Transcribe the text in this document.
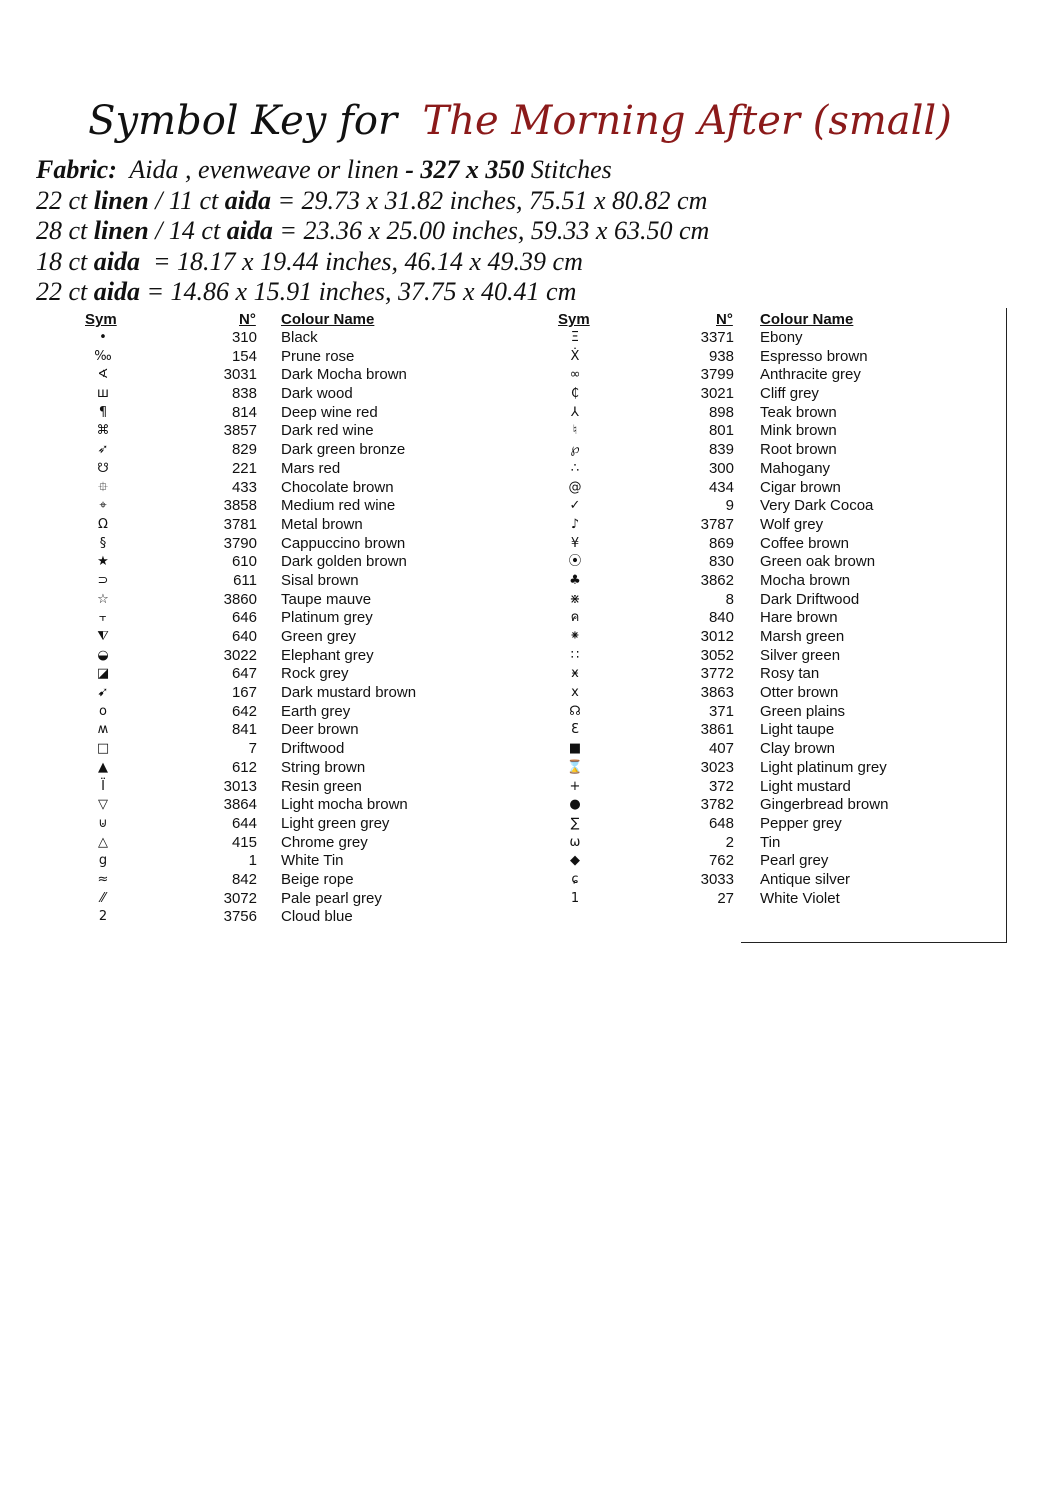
Symbol Key for The Morning After (small)
Fabric: Aida , evenweave or linen - 327 x 350 Stitches
22 ct linen / 11 ct aida = 29.73 x 31.82 inches, 75.51 x 80.82 cm
28 ct linen / 14 ct aida = 23.36 x 25.00 inches, 59.33 x 63.50 cm
18 ct aida  = 18.17 x 19.44 inches, 46.14 x 49.39 cm
22 ct aida = 14.86 x 15.91 inches, 37.75 x 40.41 cm
Sym	N° Colour Name
•	310 Black
‰	154 Prune rose
∢	3031 Dark Mocha brown
ш	838 Dark wood
¶	814 Deep wine red
⌘	3857 Dark red wine
➶	829 Dark green bronze
☋	221 Mars red
⯐	433 Chocolate brown
⌖	3858 Medium red wine
Ω	3781 Metal brown
§	3790 Cappuccino brown
★	610 Dark golden brown
⊃	611 Sisal brown
☆	3860 Taupe mauve
⫟	646 Platinum grey
⧨	640 Green grey
◒	3022 Elephant grey
◪	647 Rock grey
➹	167 Dark mustard brown
o	642 Earth grey
ʍ	841 Deer brown
□	7 Driftwood
▲	612 String brown
Ϊ	3013 Resin green
▽	3864 Light mocha brown
⊍	644 Light green grey
△	415 Chrome grey
g	1 White Tin
≈	842 Beige rope
⁄⁄	3072 Pale pearl grey
2	3756 Cloud blue
Sym	N° Colour Name
Ξ	3371 Ebony
Ẋ	938 Espresso brown
∞	3799 Anthracite grey
₵	3021 Cliff grey
⅄	898 Teak brown
♮	801 Mink brown
℘	839 Root brown
∴	300 Mahogany
@	434 Cigar brown
✓	9 Very Dark Cocoa
♪	3787 Wolf grey
¥	869 Coffee brown
⦿	830 Green oak brown
♣	3862 Mocha brown
⋇	8 Dark Driftwood
ค	840 Hare brown
⁕	3012 Marsh green
∷	3052 Silver green
ӿ	3772 Rosy tan
x	3863 Otter brown
☊	371 Green plains
Ɛ	3861 Light taupe
■	407 Clay brown
⌛	3023 Light platinum grey
+	372 Light mustard
●	3782 Gingerbread brown
∑	648 Pepper grey
ω	2 Tin
◆	762 Pearl grey
ɕ	3033 Antique silver
1	27 White Violet
